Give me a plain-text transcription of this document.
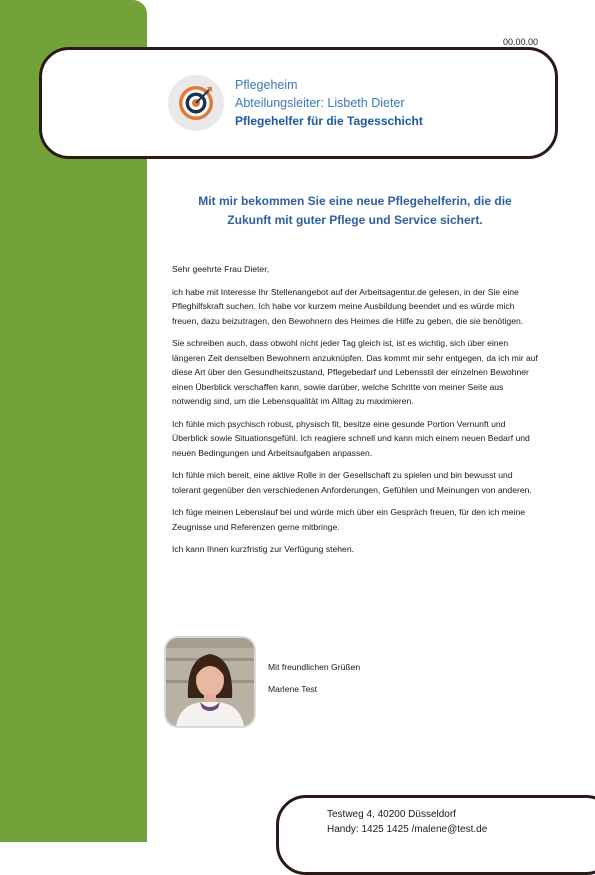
00.00.00
Pflegeheim
Abteilungsleiter: Lisbeth Dieter
Pflegehelfer für die Tagesschicht
Mit mir bekommen Sie eine neue Pflegehelferin, die die
Zukunft mit guter Pflege und Service sichert.

Sehr geehrte Frau Dieter,

ich habe mit Interesse Ihr Stellenangebot auf der Arbeitsagentur.de gelesen, in der Sie eine Pfleghilfskraft suchen. Ich habe vor kurzem meine Ausbildung beendet und es würde mich freuen, dazu beizutragen, den Bewohnern des Heimes die Hilfe zu geben, die sie benötigen.

Sie schreiben auch, dass obwohl nicht jeder Tag gleich ist, ist es wichtig, sich über einen längeren Zeit denselben Bewohnern anzuknüpfen. Das kommt mir sehr entgegen, da ich mir auf diese Art über den Gesundheitszustand, Pflegebedarf und Lebensstil der einzelnen Bewohner einen Überblick verschaffen kann, sowie darüber, welche Schritte von meiner Seite aus notwendig sind, um die Lebensqualität im Alltag zu maximieren.

Ich fühle mich psychisch robust, physisch fit, besitze eine gesunde Portion Vernunft und Überblick sowie Situationsgefühl. Ich reagiere schnell und kann mich einem neuen Bedarf und neuen Bedingungen und Arbeitsaufgaben anpassen.

Ich fühle mich bereit, eine aktive Rolle in der Gesellschaft zu spielen und bin bewusst und tolerant gegenüber den verschiedenen Anforderungen, Gefühlen und Meinungen von anderen.

Ich füge meinen Lebenslauf bei und würde mich über ein Gespräch freuen, für den ich meine Zeugnisse und Referenzen gerne mitbringe.

Ich kann Ihnen kurzfristig zur Verfügung stehen.

Mit freundlichen Grüßen
Marlene Test
Testweg 4, 40200 Düsseldorf
Handy: 1425 1425 /malene@test.de
